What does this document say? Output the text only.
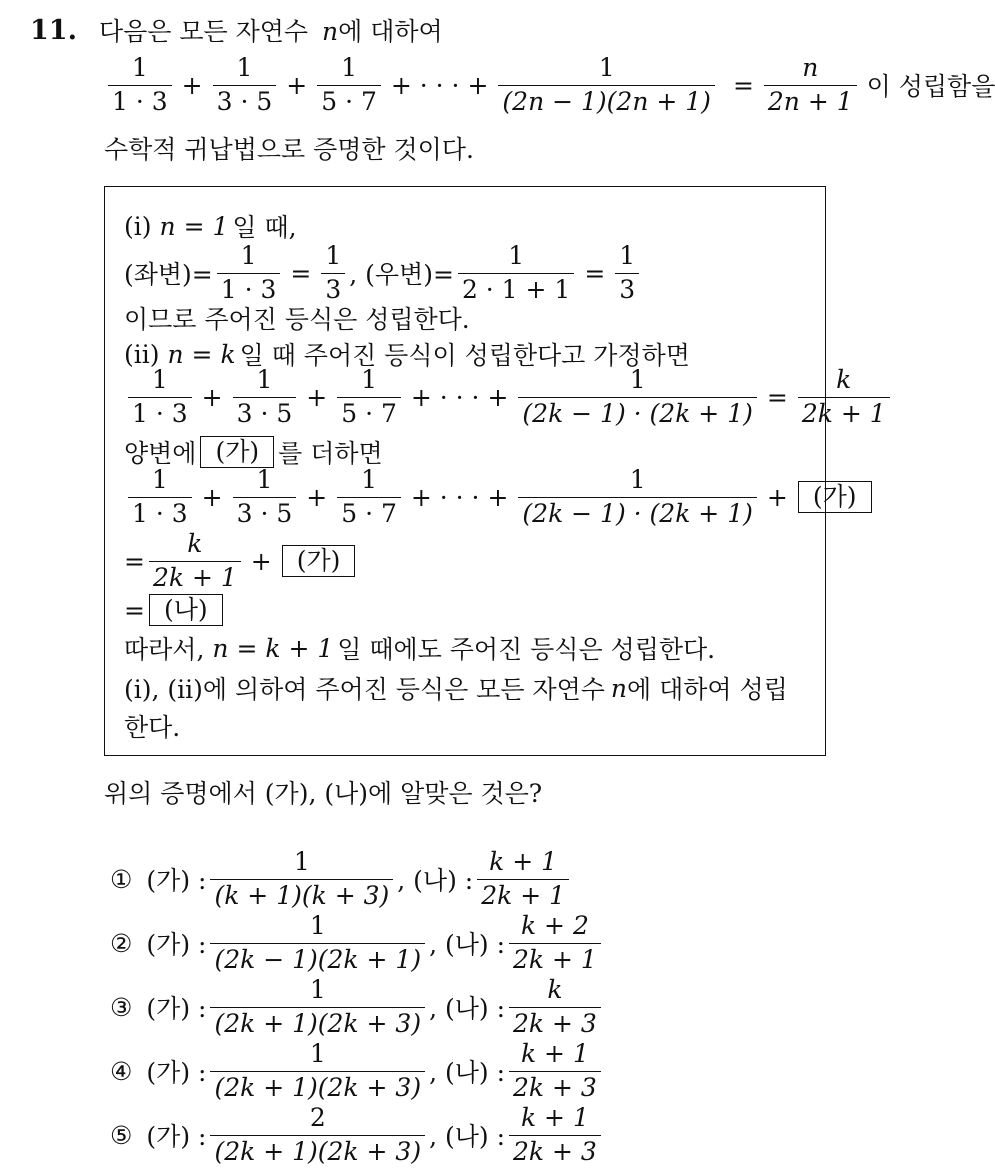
11. 다음은 모든 자연수 n에 대하여
$\frac{1}{1 \cdot 3} + \frac{1}{3 \cdot 5} + \frac{1}{5 \cdot 7}$ + · · · + $\frac{1}{(2n - 1)(2n + 1)} = \frac{n}{2n + 1}$ 이 성립함을
수학적 귀납법으로 증명한 것이다.
(i) n = 1 일 때,
(좌변)= $\frac{1}{1 \cdot 3} = \frac{1}{3}$ , (우변)= $\frac{1}{2 \cdot 1 + 1} = \frac{1}{3}$
이므로 주어진 등식은 성립한다.
(ii) n = k 일 때 주어진 등식이 성립한다고 가정하면
$\frac{1}{1 \cdot 3} + \frac{1}{3 \cdot 5} + \frac{1}{5 \cdot 7}$ + · · · + $\frac{1}{(2k - 1) \cdot (2k + 1)} = \frac{k}{2k + 1}$
양변에 (가) 를 더하면
$\frac{1}{1 \cdot 3} + \frac{1}{3 \cdot 5} + \frac{1}{5 \cdot 7}$ + · · · + $\frac{1}{(2k - 1) \cdot (2k + 1)}$ +	(가)
= $\frac{k}{2k + 1}$ +	(가)
= (나)
따라서, n = k + 1 일 때에도 주어진 등식은 성립한다.
(i), (ii)에 의하여 주어진 등식은 모든 자연수 n 에 대하여 성립
한다.
위의 증명에서 (가), (나)에 알맞은 것은?
① (가) : $\frac{1}{(k + 1)(k + 3)}$ , (나) : $\frac{k + 1}{2k + 1}$
② (가) : $\frac{1}{(2k - 1)(2k + 1)}$ , (나) : $\frac{k + 2}{2k + 1}$
③ (가) : $\frac{1}{(2k + 1)(2k + 3)}$ , (나) : $\frac{k}{2k + 3}$
④ (가) : $\frac{1}{(2k + 1)(2k + 3)}$ , (나) : $\frac{k + 1}{2k + 3}$
⑤ (가) : $\frac{2}{(2k + 1)(2k + 3)}$ , (나) : $\frac{k + 1}{2k + 3}$
